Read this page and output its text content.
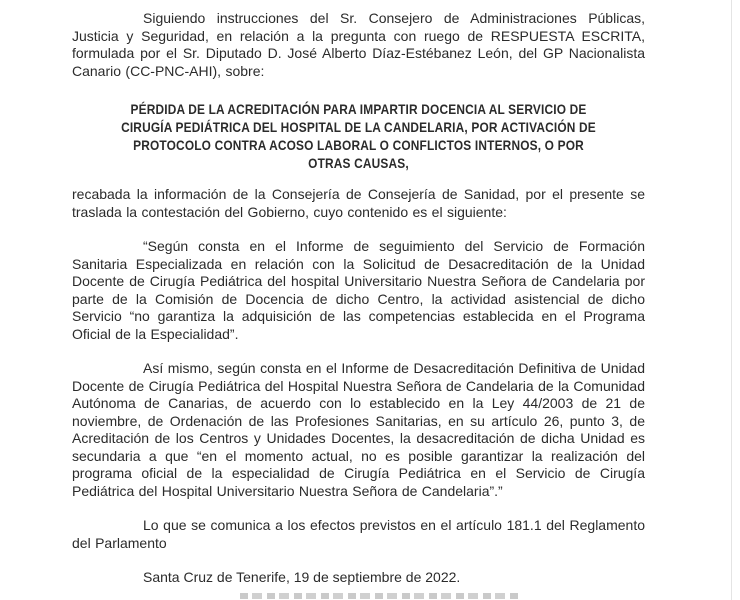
Siguiendo instrucciones del Sr. Consejero de Administraciones Públicas, Justicia y Seguridad, en relación a la pregunta con ruego de RESPUESTA ESCRITA, formulada por el Sr. Diputado D. José Alberto Díaz-Estébanez León, del GP Nacionalista Canario (CC-PNC-AHI), sobre:

PÉRDIDA DE LA ACREDITACIÓN PARA IMPARTIR DOCENCIA AL SERVICIO DE
CIRUGÍA PEDIÁTRICA DEL HOSPITAL DE LA CANDELARIA, POR ACTIVACIÓN DE
PROTOCOLO CONTRA ACOSO LABORAL O CONFLICTOS INTERNOS, O POR
OTRAS CAUSAS,

recabada la información de la Consejería de Consejería de Sanidad, por el presente se traslada la contestación del Gobierno, cuyo contenido es el siguiente:

“Según consta en el Informe de seguimiento del Servicio de Formación Sanitaria Especializada en relación con la Solicitud de Desacreditación de la Unidad Docente de Cirugía Pediátrica del hospital Universitario Nuestra Señora de Candelaria por parte de la Comisión de Docencia de dicho Centro, la actividad asistencial de dicho Servicio “no garantiza la adquisición de las competencias establecida en el Programa Oficial de la Especialidad”.

Así mismo, según consta en el Informe de Desacreditación Definitiva de Unidad Docente de Cirugía Pediátrica del Hospital Nuestra Señora de Candelaria de la Comunidad Autónoma de Canarias, de acuerdo con lo establecido en la Ley 44/2003 de 21 de noviembre, de Ordenación de las Profesiones Sanitarias, en su artículo 26, punto 3, de Acreditación de los Centros y Unidades Docentes, la desacreditación de dicha Unidad es secundaria a que “en el momento actual, no es posible garantizar la realización del programa oficial de la especialidad de Cirugía Pediátrica en el Servicio de Cirugía Pediátrica del Hospital Universitario Nuestra Señora de Candelaria”.”

Lo que se comunica a los efectos previstos en el artículo 181.1 del Reglamento del Parlamento

Santa Cruz de Tenerife, 19 de septiembre de 2022.
